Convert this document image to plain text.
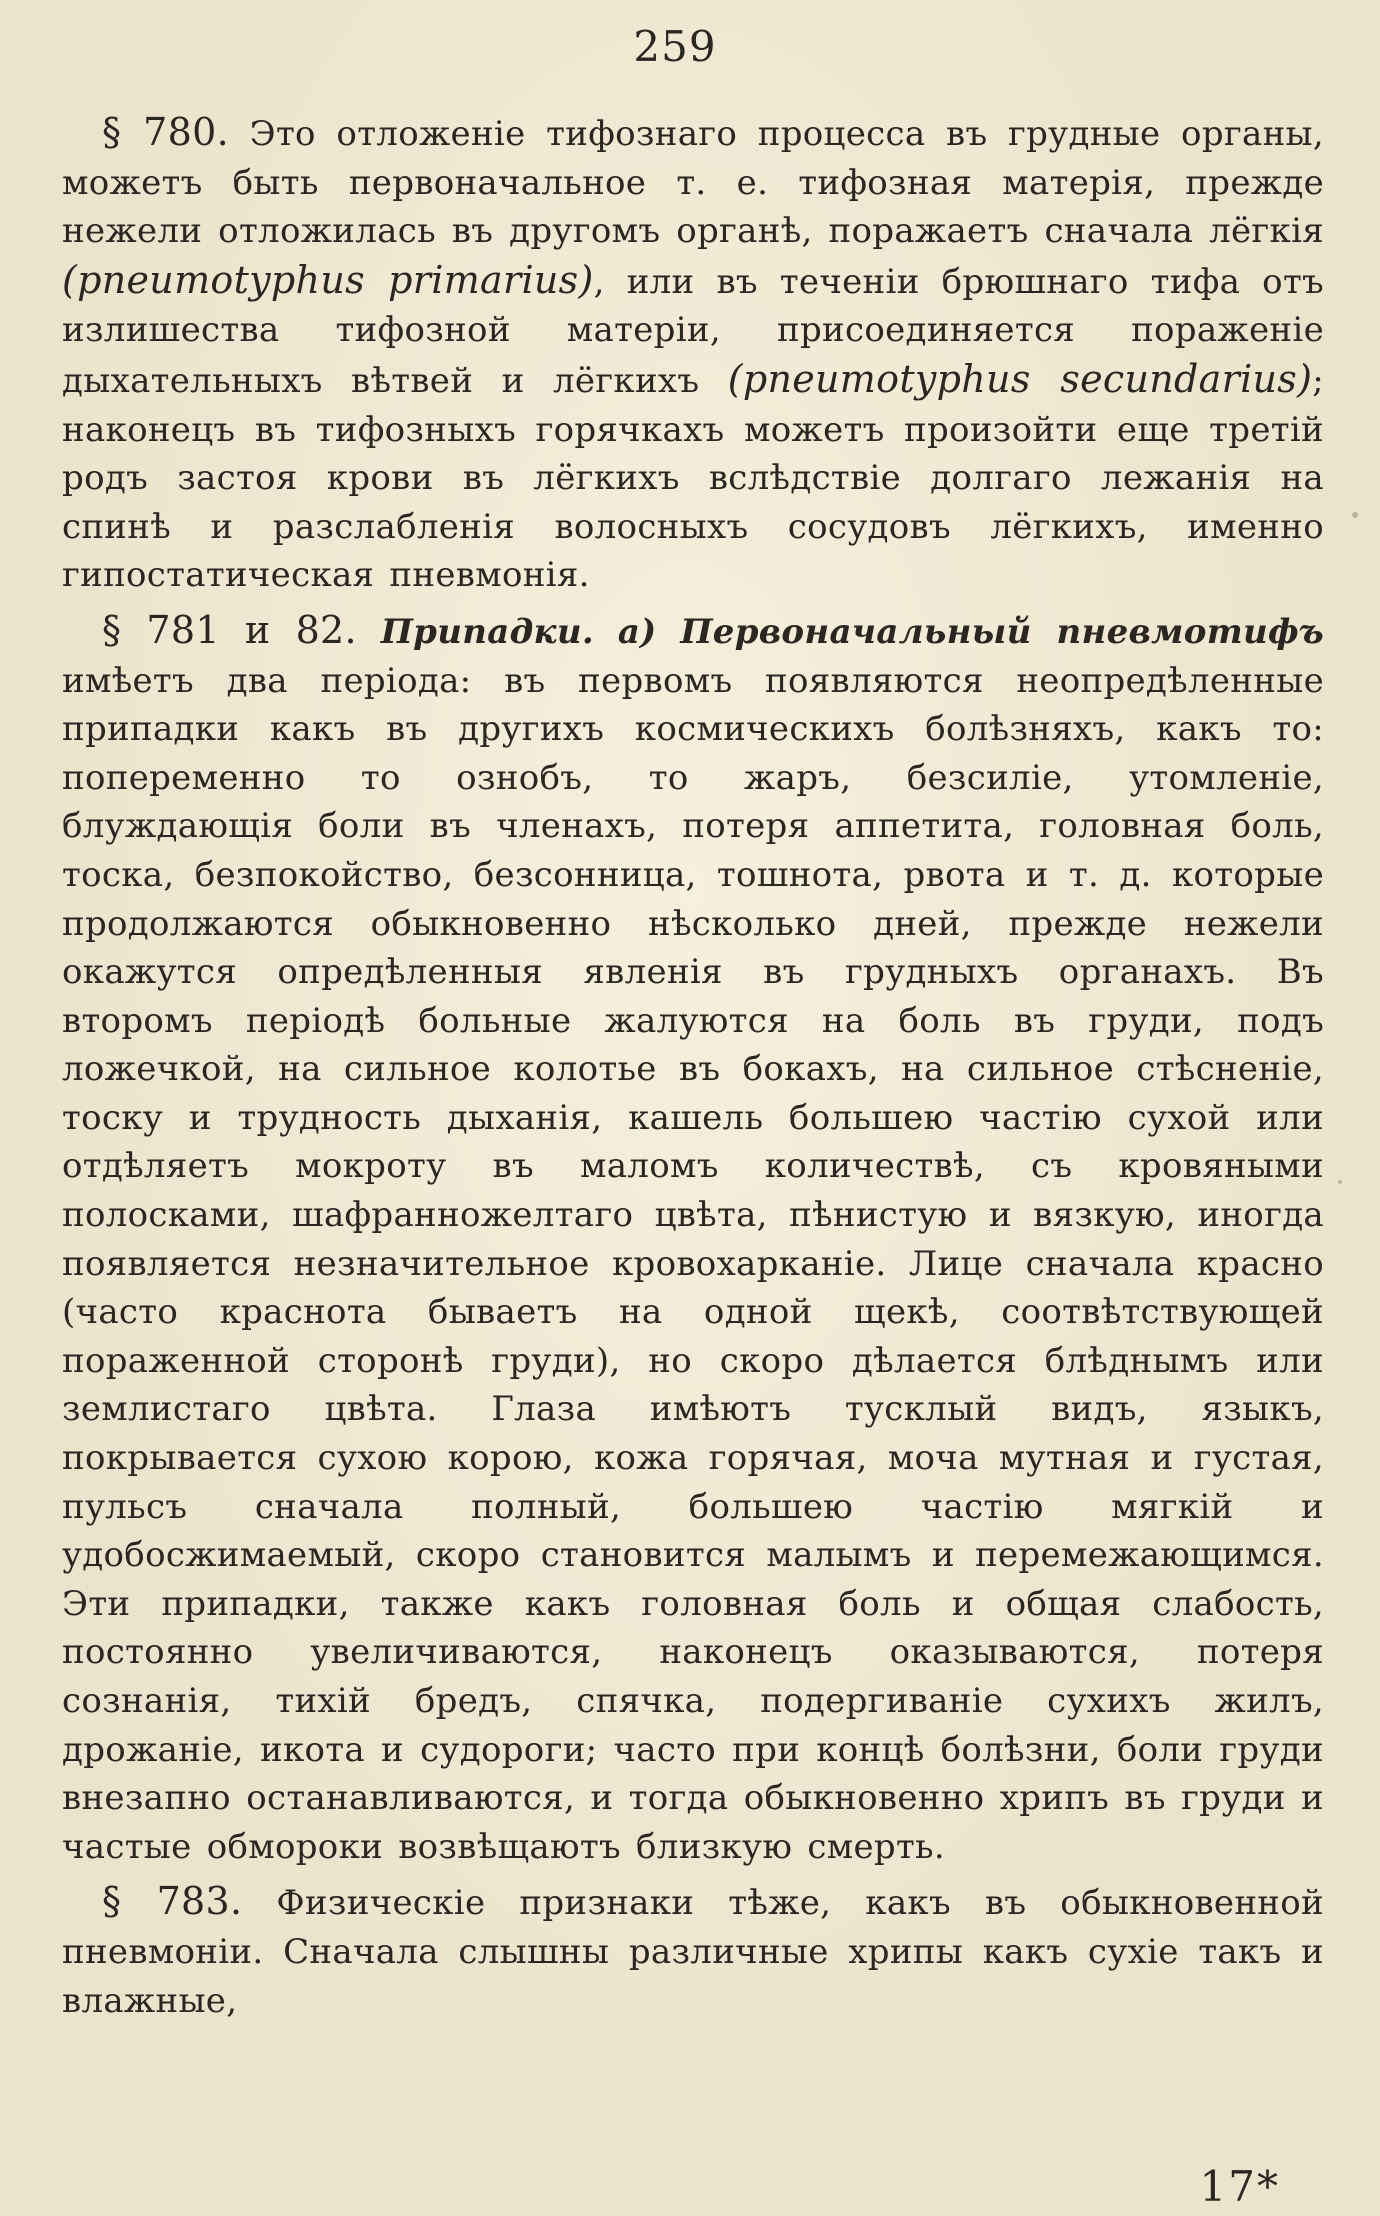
259

§ 780. Это отложеніе тифознаго процесса въ грудные органы, можетъ быть первоначальное т. е. тифозная матерія, прежде нежели отложилась въ другомъ органѣ, поражаетъ сначала лёгкія (pneumotyphus primarius), или въ теченіи брюшнаго тифа отъ излишества тифозной матеріи, присоединяется пораженіе дыхательныхъ вѣтвей и лёгкихъ (pneumotyphus secundarius); наконецъ въ тифозныхъ горячкахъ можетъ произойти еще третій родъ застоя крови въ лёгкихъ вслѣдствіе долгаго лежанія на спинѣ и разслабленія волосныхъ сосудовъ лёгкихъ, именно гипостатическая пневмонія.

§ 781 и 82. Припадки. а) Первоначальный пневмотифъ имѣетъ два періода: въ первомъ появляются неопредѣленные припадки какъ въ другихъ космическихъ болѣзняхъ, какъ то: попеременно то ознобъ, то жаръ, безсиліе, утомленіе, блуждающія боли въ членахъ, потеря аппетита, головная боль, тоска, безпокойство, безсонница, тошнота, рвота и т. д. которые продолжаются обыкновенно нѣсколько дней, прежде нежели окажутся опредѣленныя явленія въ грудныхъ органахъ. Въ второмъ періодѣ больные жалуются на боль въ груди, подъ ложечкой, на сильное колотье въ бокахъ, на сильное стѣсненіе, тоску и трудность дыханія, кашель большею частію сухой или отдѣляетъ мокроту въ маломъ количествѣ, съ кровяными полосками, шафранножелтаго цвѣта, пѣнистую и вязкую, иногда появляется незначительное кровохарканіе. Лице сначала красно (часто краснота бываетъ на одной щекѣ, соотвѣтствующей пораженной сторонѣ груди), но скоро дѣлается блѣднымъ или землистаго цвѣта. Глаза имѣютъ тусклый видъ, языкъ, покрывается сухою корою, кожа горячая, моча мутная и густая, пульсъ сначала полный, большею частію мягкій и удобосжимаемый, скоро становится малымъ и перемежающимся. Эти припадки, также какъ головная боль и общая слабость, постоянно увеличиваются, наконецъ оказываются, потеря сознанія, тихій бредъ, спячка, подергиваніе сухихъ жилъ, дрожаніе, икота и судороги; часто при концѣ болѣзни, боли груди внезапно останавливаются, и тогда обыкновенно хрипъ въ груди и частые обмороки возвѣщаютъ близкую смерть.

§ 783. Физическіе признаки тѣже, какъ въ обыкновенной пневмоніи. Сначала слышны различные хрипы какъ сухіе такъ и влажные,

17*
